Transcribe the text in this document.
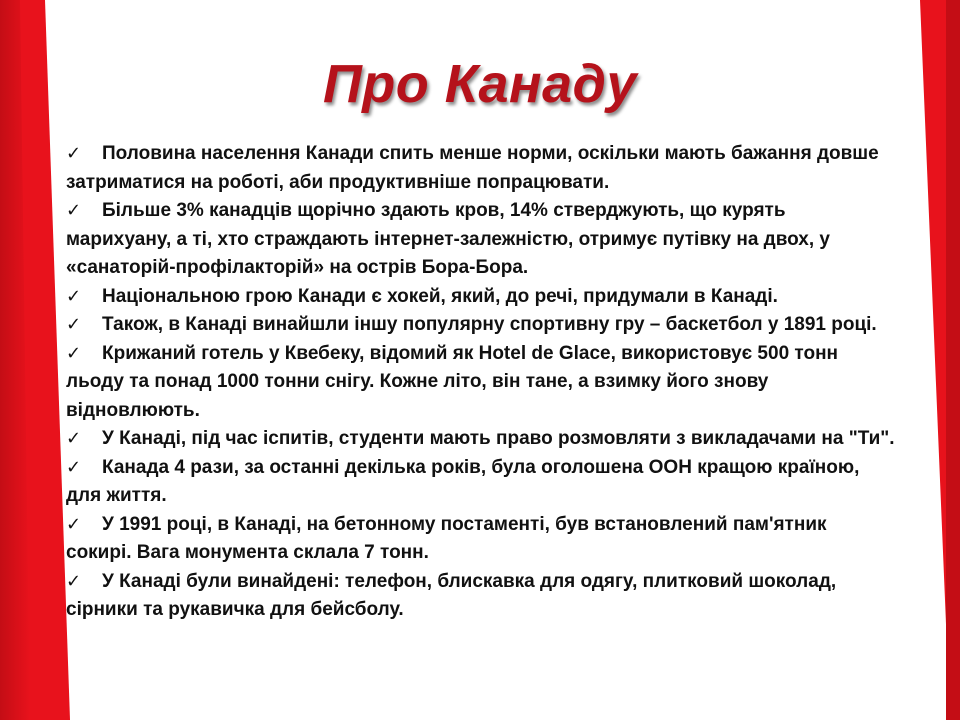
Про Канаду
✓ Половина населення Канади спить менше норми, оскільки мають бажання довше затриматися на роботі, аби продуктивніше попрацювати.
✓ Більше 3% канадців щорічно здають кров, 14% стверджують, що курять марихуану, а ті, хто страждають інтернет-залежністю, отримує путівку на двох, у «санаторій-профілакторій» на острів Бора-Бора.
✓ Національною грою Канади є хокей, який, до речі, придумали в Канаді.
✓ Також, в Канаді винайшли іншу популярну спортивну гру – баскетбол у 1891 році.
✓ Крижаний готель у Квебеку, відомий як Hotel de Glace, використовує 500 тонн льоду та понад 1000 тонни снігу. Кожне літо, він тане, а взимку його знову відновлюють.
✓ У Канаді, під час іспитів, студенти мають право розмовляти з викладачами на "Ти".
✓ Канада 4 рази, за останні декілька років, була оголошена ООН кращою країною, для життя.
✓ У 1991 році, в Канаді, на бетонному постаменті, був встановлений пам'ятник сокирі. Вага монумента склала 7 тонн.
✓ У Канаді були винайдені: телефон, блискавка для одягу, плитковий шоколад, сірники та рукавичка для бейсболу.
